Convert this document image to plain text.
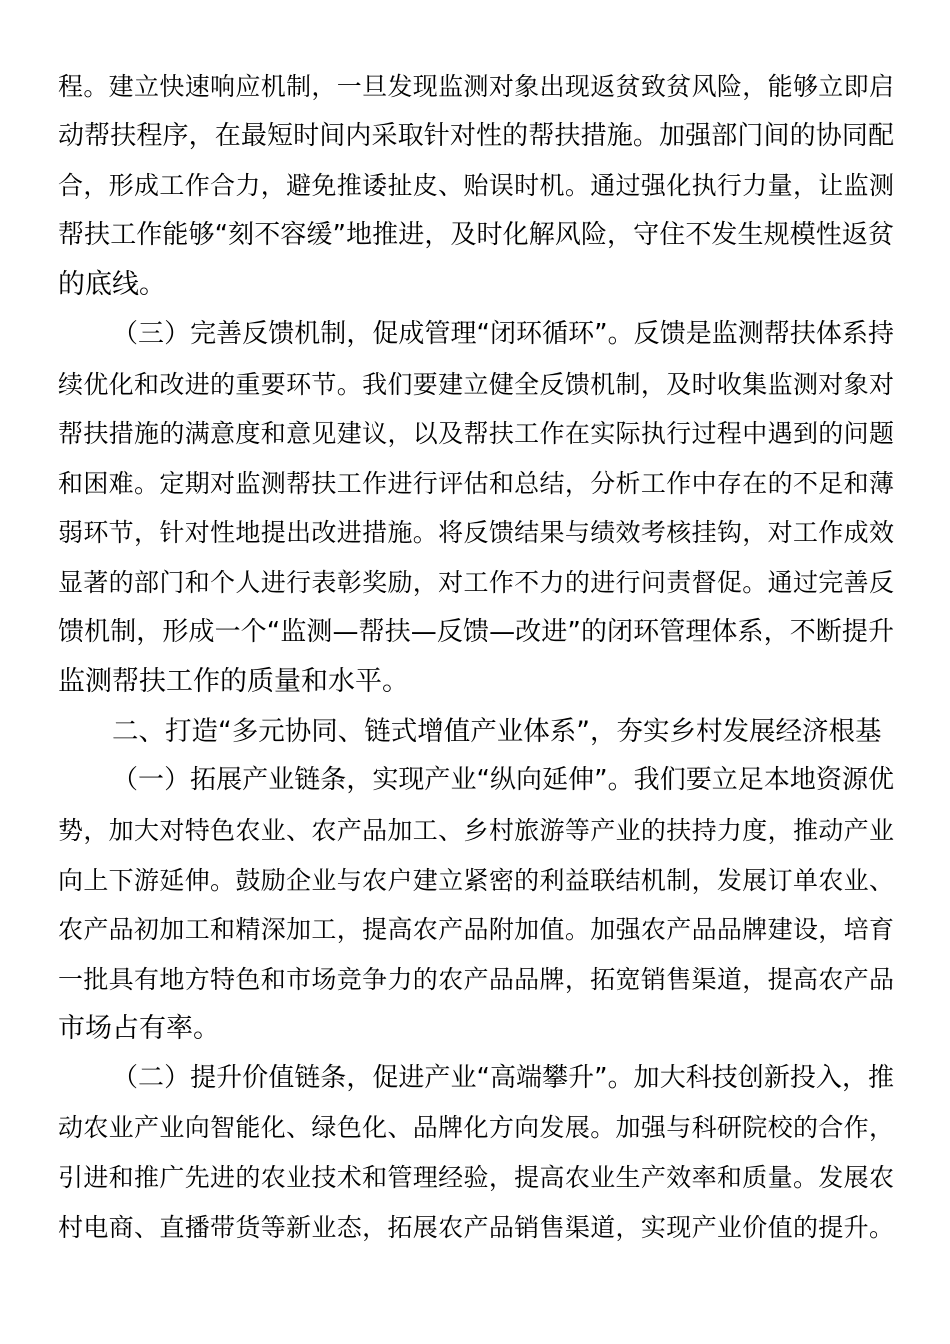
程。建立快速响应机制，一旦发现监测对象出现返贫致贫风险，能够立即启
动帮扶程序，在最短时间内采取针对性的帮扶措施。加强部门间的协同配
合，形成工作合力，避免推诿扯皮、贻误时机。通过强化执行力量，让监测
帮扶工作能够“刻不容缓”地推进，及时化解风险，守住不发生规模性返贫
的底线。
（三）完善反馈机制，促成管理“闭环循环”。反馈是监测帮扶体系持
续优化和改进的重要环节。我们要建立健全反馈机制，及时收集监测对象对
帮扶措施的满意度和意见建议，以及帮扶工作在实际执行过程中遇到的问题
和困难。定期对监测帮扶工作进行评估和总结，分析工作中存在的不足和薄
弱环节，针对性地提出改进措施。将反馈结果与绩效考核挂钩，对工作成效
显著的部门和个人进行表彰奖励，对工作不力的进行问责督促。通过完善反
馈机制，形成一个“监测—帮扶—反馈—改进”的闭环管理体系，不断提升
监测帮扶工作的质量和水平。
二、打造“多元协同、链式增值产业体系”，夯实乡村发展经济根基
（一）拓展产业链条，实现产业“纵向延伸”。我们要立足本地资源优
势，加大对特色农业、农产品加工、乡村旅游等产业的扶持力度，推动产业
向上下游延伸。鼓励企业与农户建立紧密的利益联结机制，发展订单农业、
农产品初加工和精深加工，提高农产品附加值。加强农产品品牌建设，培育
一批具有地方特色和市场竞争力的农产品品牌，拓宽销售渠道，提高农产品
市场占有率。
（二）提升价值链条，促进产业“高端攀升”。加大科技创新投入，推
动农业产业向智能化、绿色化、品牌化方向发展。加强与科研院校的合作，
引进和推广先进的农业技术和管理经验，提高农业生产效率和质量。发展农
村电商、直播带货等新业态，拓展农产品销售渠道，实现产业价值的提升。
